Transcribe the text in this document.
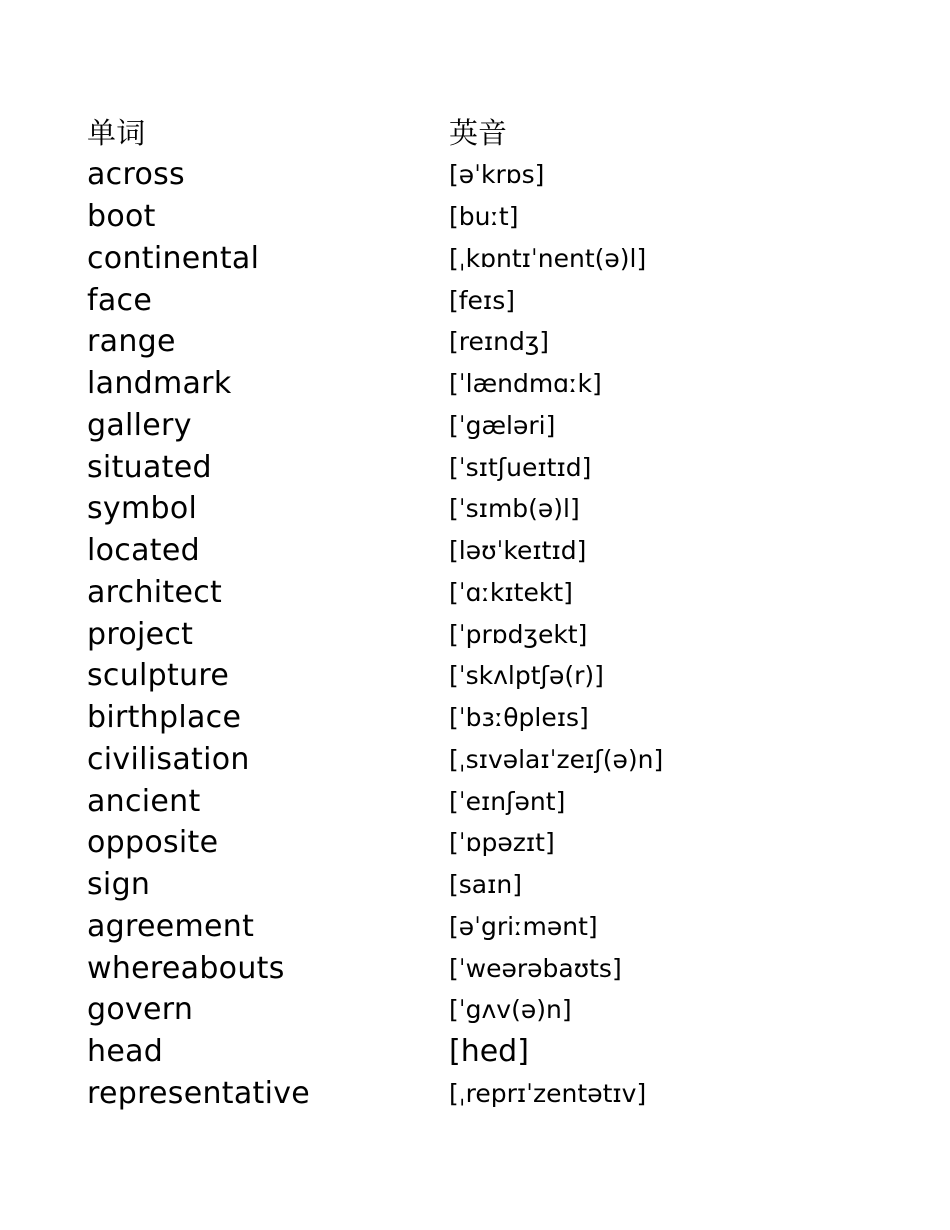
单词	英音
across	[əˈkrɒs]
boot	[buːt]
continental	[ˌkɒntɪˈnent(ə)l]
face	[feɪs]
range	[reɪndʒ]
landmark	[ˈlændmɑːk]
gallery	[ˈgæləri]
situated	[ˈsɪtʃueɪtɪd]
symbol	[ˈsɪmb(ə)l]
located	[ləʊˈkeɪtɪd]
architect	[ˈɑːkɪtekt]
project	[ˈprɒdʒekt]
sculpture	[ˈskʌlptʃə(r)]
birthplace	[ˈbɜːθpleɪs]
civilisation	[ˌsɪvəlaɪˈzeɪʃ(ə)n]
ancient	[ˈeɪnʃənt]
opposite	[ˈɒpəzɪt]
sign	[saɪn]
agreement	[əˈgriːmənt]
whereabouts	[ˈweərəbaʊts]
govern	[ˈgʌv(ə)n]
head	[hed]
representative	[ˌreprɪˈzentətɪv]
